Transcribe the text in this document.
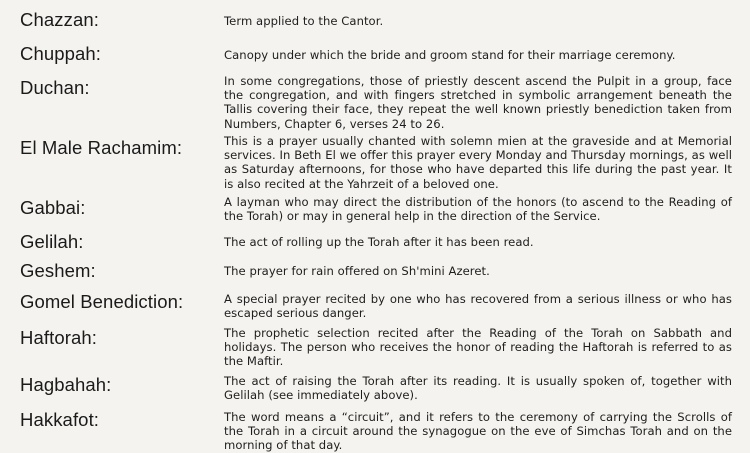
Chazzan:	Term applied to the Cantor.
Chuppah:	Canopy under which the bride and groom stand for their marriage ceremony.
Duchan:	In some congregations, those of priestly descent ascend the Pulpit in a group, face the congregation, and with fingers stretched in symbolic arrangement beneath the Tallis covering their face, they repeat the well known priestly benediction taken from Numbers, Chapter 6, verses 24 to 26.
El Male Rachamim:	This is a prayer usually chanted with solemn mien at the graveside and at Memorial services. In Beth El we offer this prayer every Monday and Thursday mornings, as well as Saturday afternoons, for those who have departed this life during the past year. It is also recited at the Yahrzeit of a beloved one.
Gabbai:	A layman who may direct the distribution of the honors (to ascend to the Reading of the Torah) or may in general help in the direction of the Service.
Gelilah:	The act of rolling up the Torah after it has been read.
Geshem:	The prayer for rain offered on Sh'mini Azeret.
Gomel Benediction:	A special prayer recited by one who has recovered from a serious illness or who has escaped serious danger.
Haftorah:	The prophetic selection recited after the Reading of the Torah on Sabbath and holidays. The person who receives the honor of reading the Haftorah is referred to as the Maftir.
Hagbahah:	The act of raising the Torah after its reading. It is usually spoken of, together with Gelilah (see immediately above).
Hakkafot:	The word means a “circuit”, and it refers to the ceremony of carrying the Scrolls of the Torah in a circuit around the synagogue on the eve of Simchas Torah and on the morning of that day.
